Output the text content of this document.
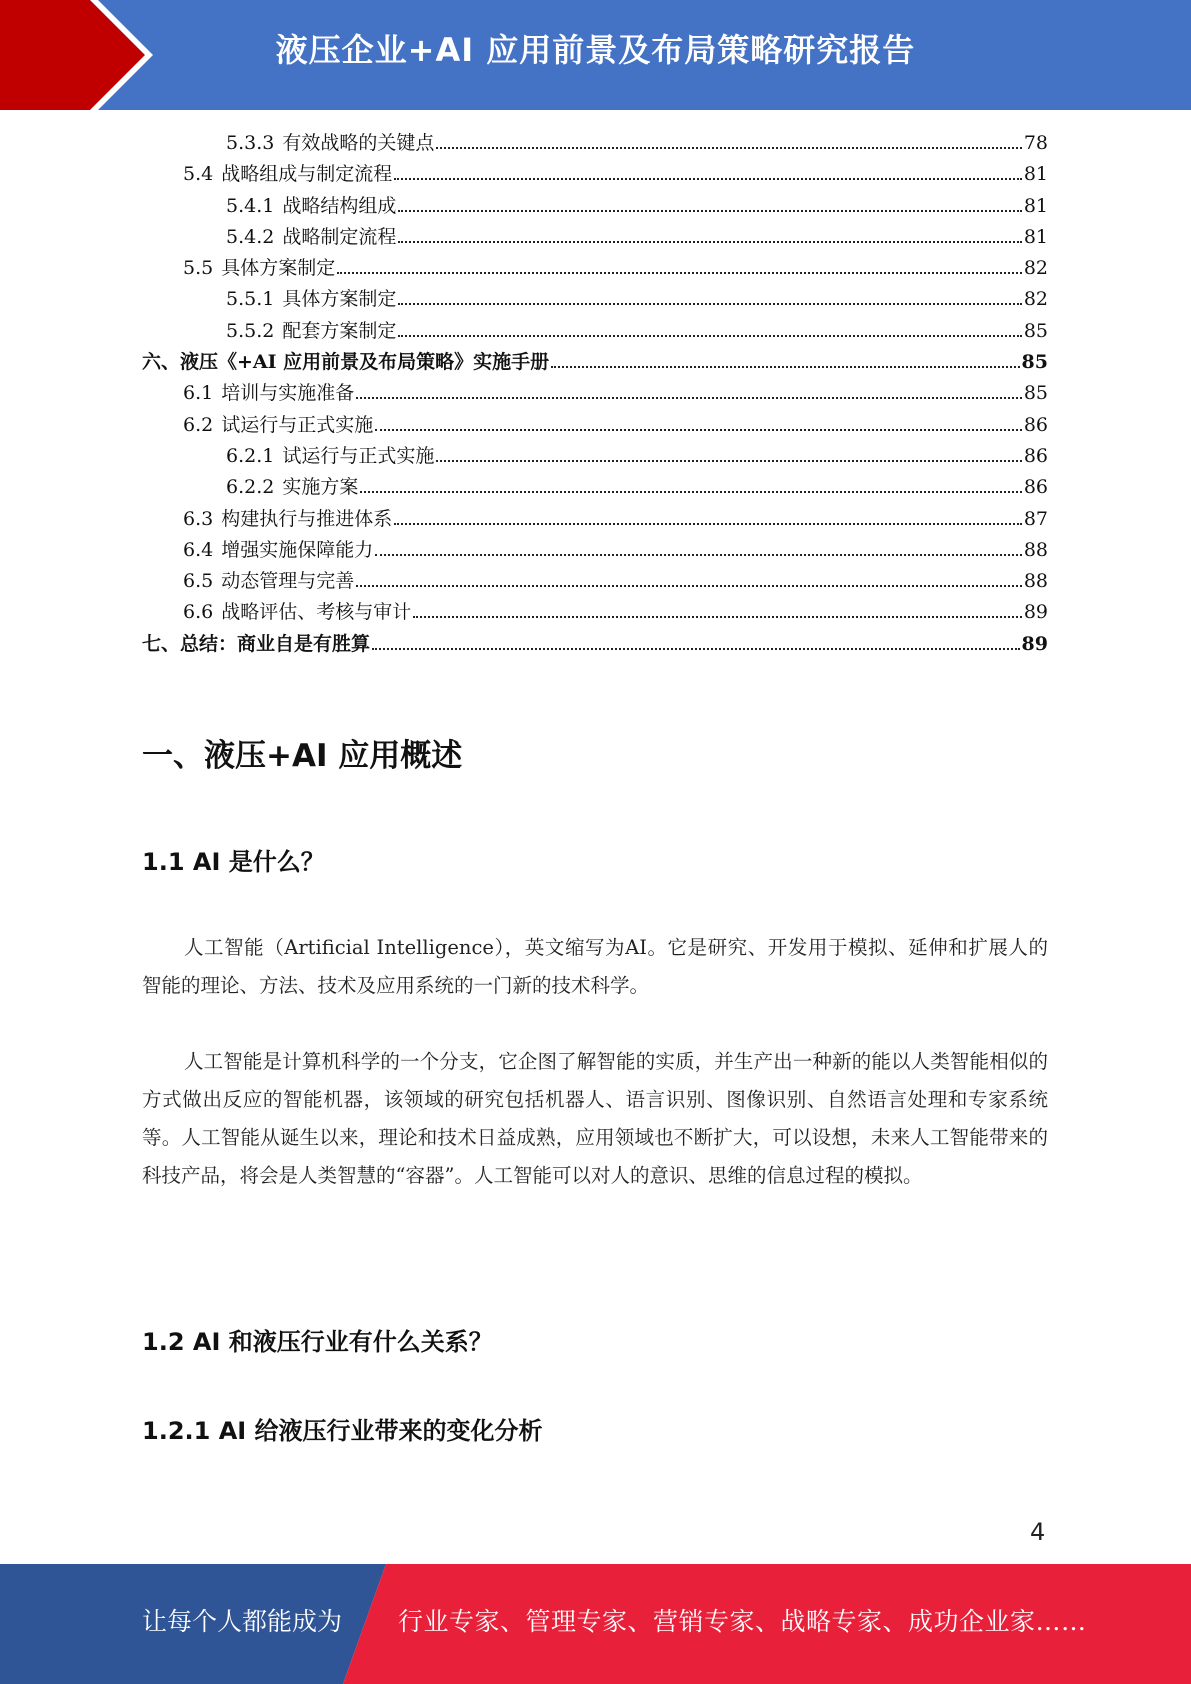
液压企业+AI 应用前景及布局策略研究报告
5.3.3 有效战略的关键点	78
5.4 战略组成与制定流程	81
5.4.1 战略结构组成	81
5.4.2 战略制定流程	81
5.5 具体方案制定	82
5.5.1 具体方案制定	82
5.5.2 配套方案制定	85
六、液压《+AI 应用前景及布局策略》实施手册	85
6.1 培训与实施准备	85
6.2 试运行与正式实施	86
6.2.1 试运行与正式实施	86
6.2.2 实施方案	86
6.3 构建执行与推进体系	87
6.4 增强实施保障能力	88
6.5 动态管理与完善	88
6.6 战略评估、考核与审计	89
七、总结：商业自是有胜算	89
一、液压+AI 应用概述
1.1 AI 是什么？
人工智能（Artificial Intelligence），英文缩写为AI。它是研究、开发用于模拟、延伸和扩展人的智能的理论、方法、技术及应用系统的一门新的技术科学。
人工智能是计算机科学的一个分支，它企图了解智能的实质，并生产出一种新的能以人类智能相似的方式做出反应的智能机器，该领域的研究包括机器人、语言识别、图像识别、自然语言处理和专家系统等。人工智能从诞生以来，理论和技术日益成熟，应用领域也不断扩大，可以设想，未来人工智能带来的科技产品，将会是人类智慧的“容器”。人工智能可以对人的意识、思维的信息过程的模拟。
1.2 AI 和液压行业有什么关系？
1.2.1 AI 给液压行业带来的变化分析
4
让每个人都能成为 行业专家、管理专家、营销专家、战略专家、成功企业家……
